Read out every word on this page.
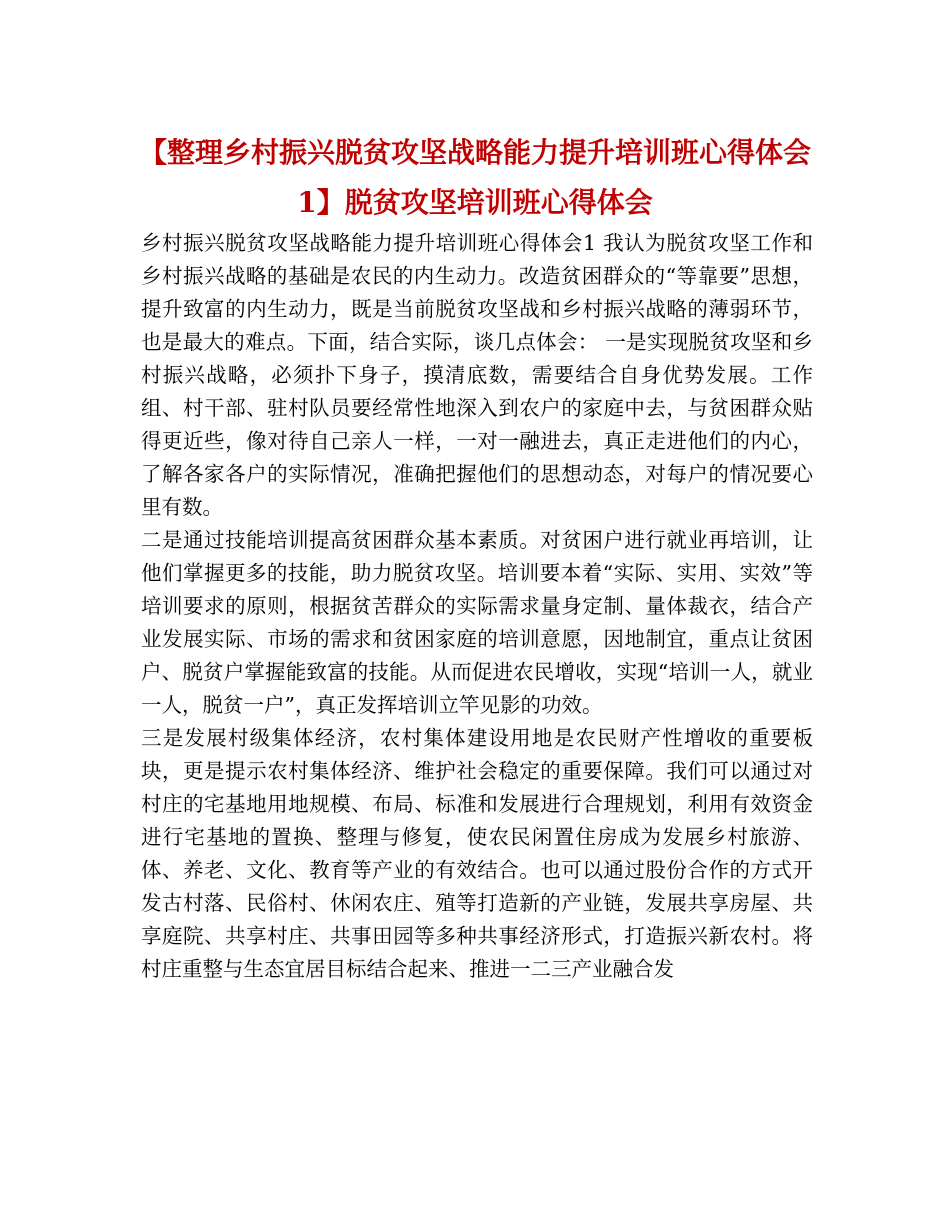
【整理乡村振兴脱贫攻坚战略能力提升培训班心得体会1】脱贫攻坚培训班心得体会

乡村振兴脱贫攻坚战略能力提升培训班心得体会1 我认为脱贫攻坚工作和乡村振兴战略的基础是农民的内生动力。改造贫困群众的“等靠要”思想，提升致富的内生动力，既是当前脱贫攻坚战和乡村振兴战略的薄弱环节，也是最大的难点。下面，结合实际，谈几点体会： 一是实现脱贫攻坚和乡村振兴战略，必须扑下身子，摸清底数，需要结合自身优势发展。工作组、村干部、驻村队员要经常性地深入到农户的家庭中去，与贫困群众贴得更近些，像对待自己亲人一样，一对一融进去，真正走进他们的内心，了解各家各户的实际情况，准确把握他们的思想动态，对每户的情况要心里有数。

二是通过技能培训提高贫困群众基本素质。对贫困户进行就业再培训，让他们掌握更多的技能，助力脱贫攻坚。培训要本着“实际、实用、实效”等培训要求的原则，根据贫苦群众的实际需求量身定制、量体裁衣，结合产业发展实际、市场的需求和贫困家庭的培训意愿，因地制宜，重点让贫困户、脱贫户掌握能致富的技能。从而促进农民增收，实现“培训一人，就业一人，脱贫一户”，真正发挥培训立竿见影的功效。

三是发展村级集体经济，农村集体建设用地是农民财产性增收的重要板块，更是提示农村集体经济、维护社会稳定的重要保障。我们可以通过对村庄的宅基地用地规模、布局、标准和发展进行合理规划，利用有效资金进行宅基地的置换、整理与修复，使农民闲置住房成为发展乡村旅游、体、养老、文化、教育等产业的有效结合。也可以通过股份合作的方式开发古村落、民俗村、休闲农庄、殖等打造新的产业链，发展共享房屋、共享庭院、共享村庄、共事田园等多种共事经济形式，打造振兴新农村。将村庄重整与生态宜居目标结合起来、推进一二三产业融合发
